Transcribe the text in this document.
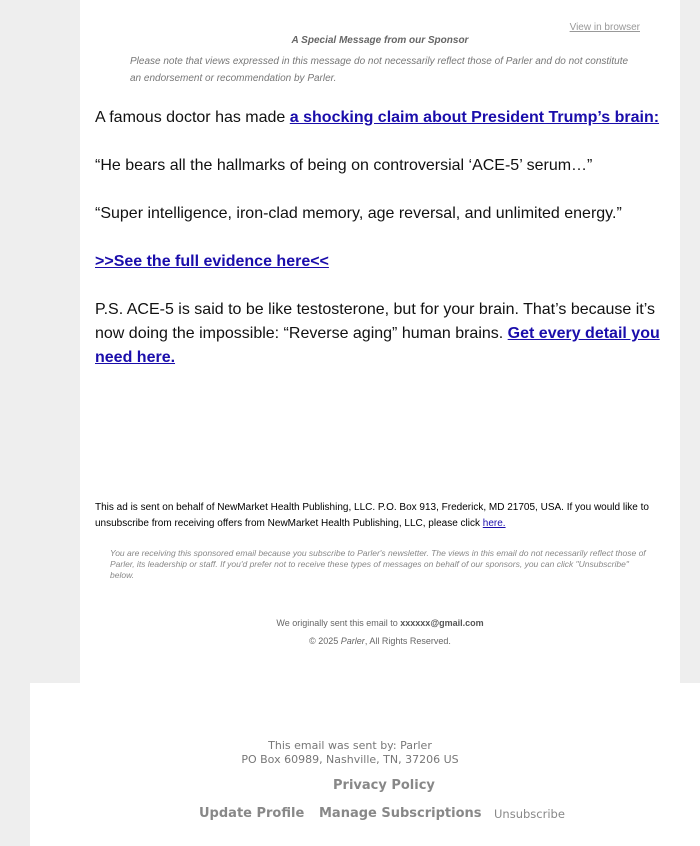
View in browser
A Special Message from our Sponsor
Please note that views expressed in this message do not necessarily reflect those of Parler and do not constitute an endorsement or recommendation by Parler.
A famous doctor has made a shocking claim about President Trump’s brain:
“He bears all the hallmarks of being on controversial ‘ACE-5’ serum…”
“Super intelligence, iron-clad memory, age reversal, and unlimited energy.”
>>See the full evidence here<<
P.S. ACE-5 is said to be like testosterone, but for your brain. That’s because it’s now doing the impossible: “Reverse aging” human brains. Get every detail you need here.
This ad is sent on behalf of NewMarket Health Publishing, LLC. P.O. Box 913, Frederick, MD 21705, USA. If you would like to unsubscribe from receiving offers from NewMarket Health Publishing, LLC, please click here.
You are receiving this sponsored email because you subscribe to Parler's newsletter. The views in this email do not necessarily reflect those of Parler, its leadership or staff. If you'd prefer not to receive these types of messages on behalf of our sponsors, you can click "Unsubscribe" below.
We originally sent this email to xxxxxx@gmail.com
© 2025 Parler, All Rights Reserved.
This email was sent by: Parler
PO Box 60989, Nashville, TN, 37206 US
Privacy Policy
Update Profile Manage Subscriptions Unsubscribe
